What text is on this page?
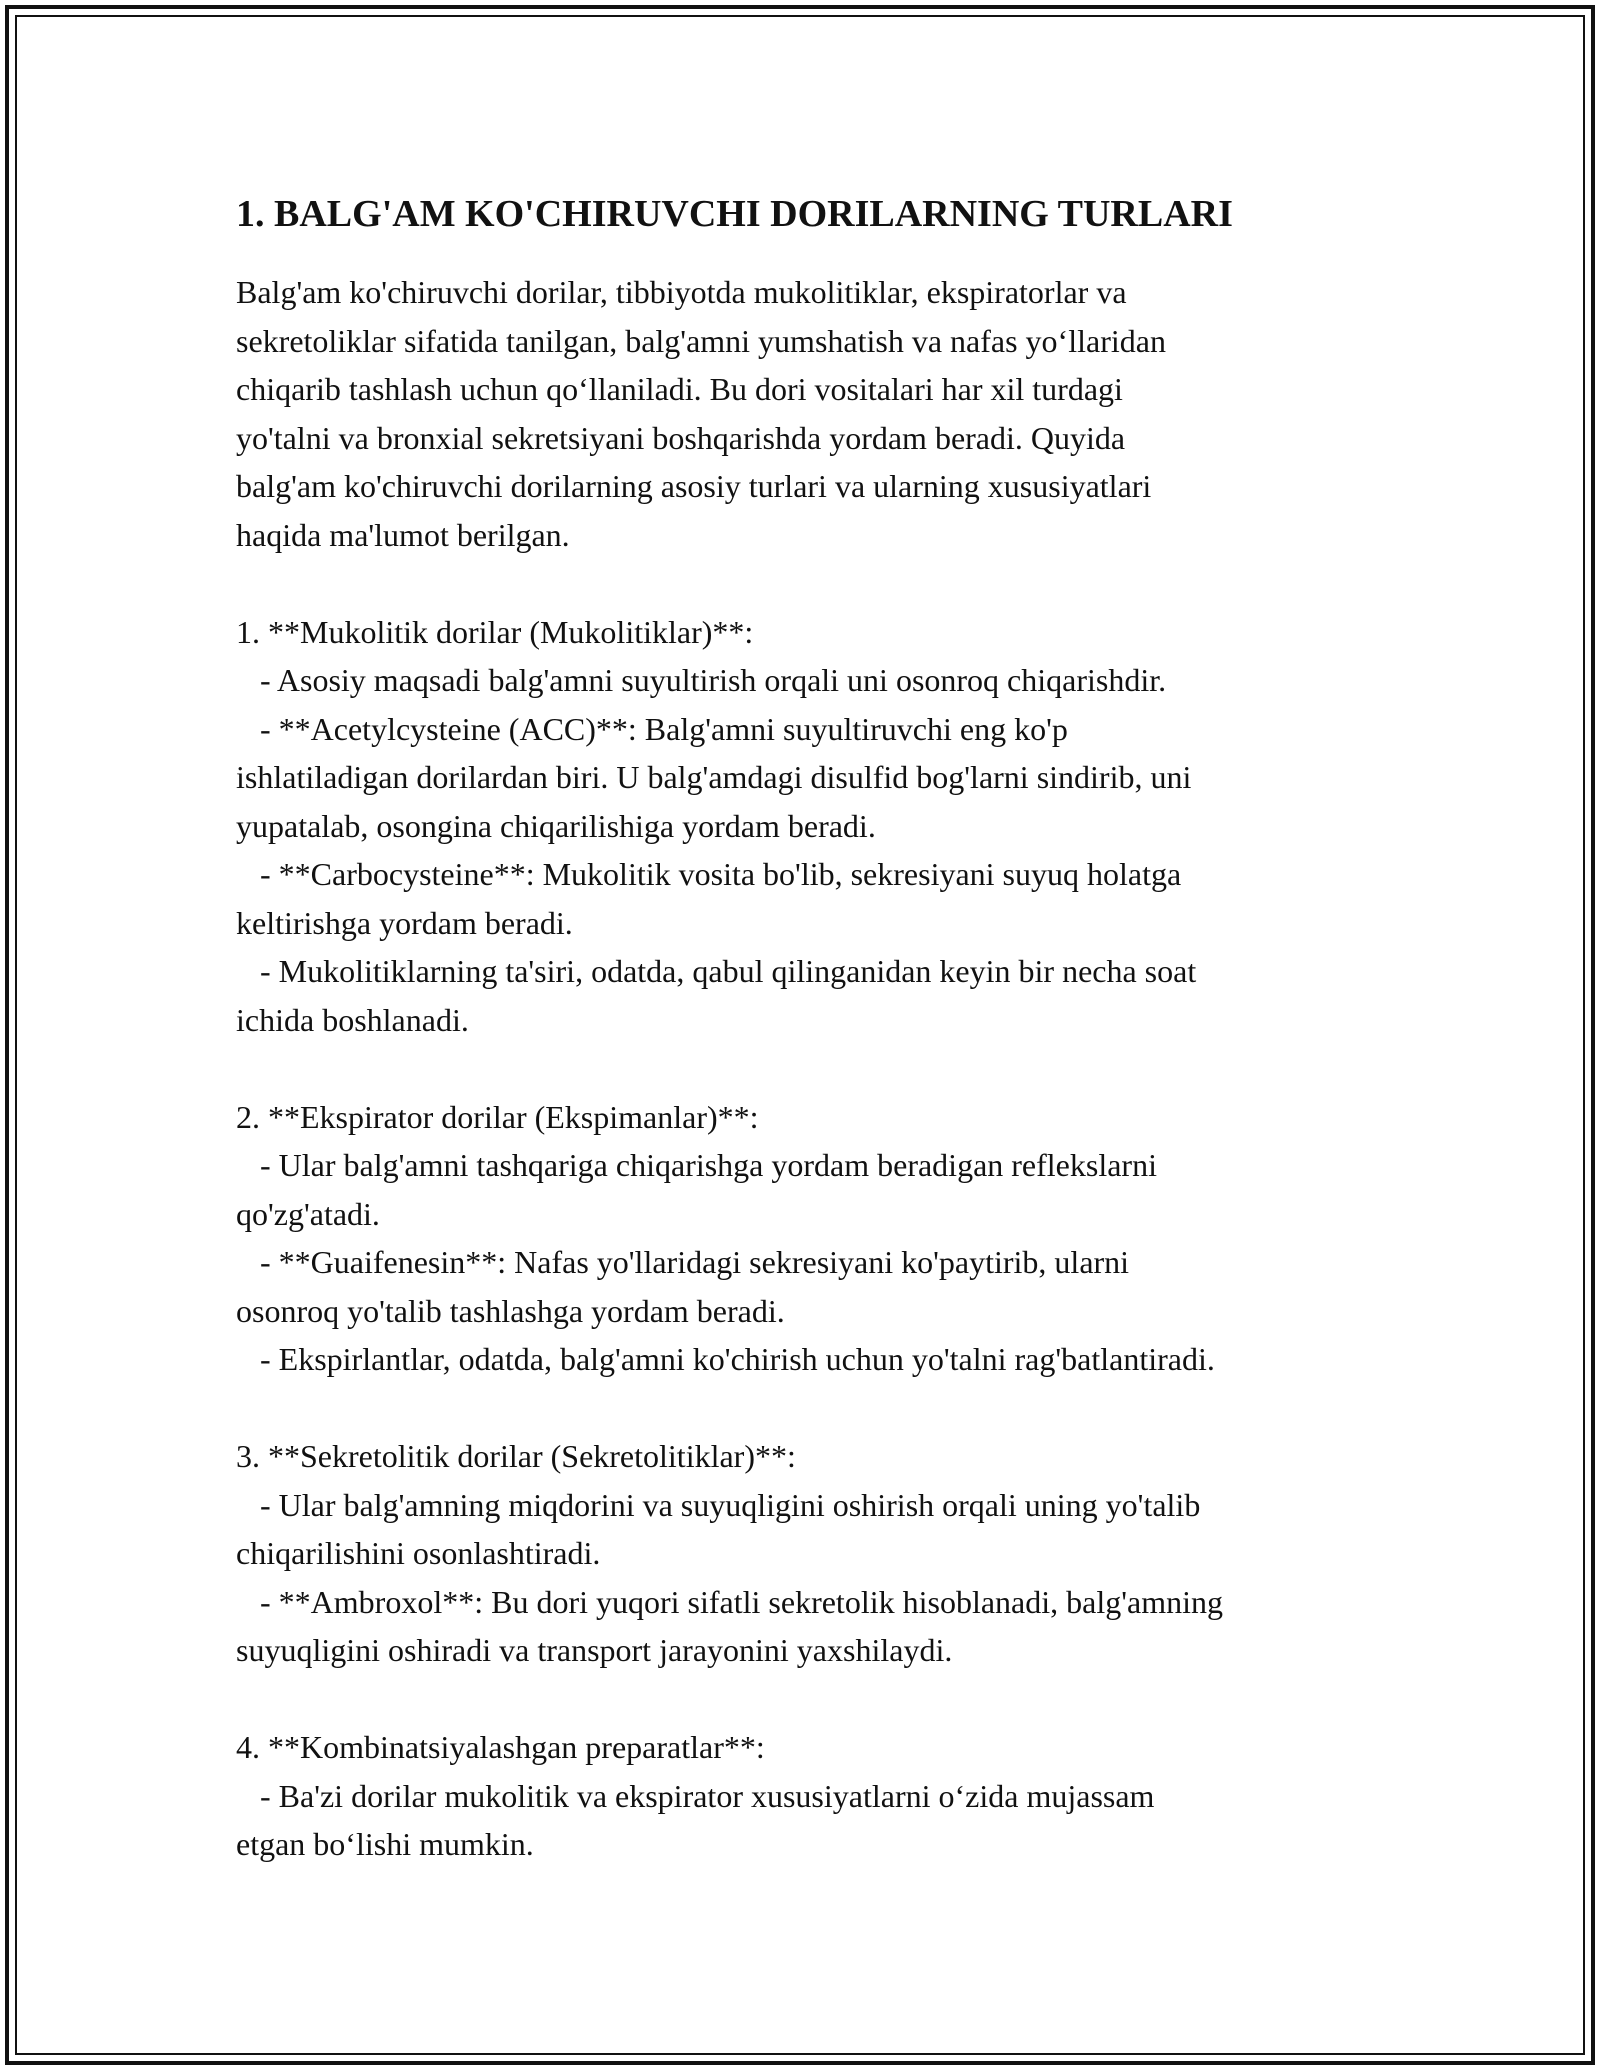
1. BALG'AM KO'CHIRUVCHI DORILARNING TURLARI
Balg'am ko'chiruvchi dorilar, tibbiyotda mukolitiklar, ekspiratorlar va
sekretoliklar sifatida tanilgan, balg'amni yumshatish va nafas yo‘llaridan
chiqarib tashlash uchun qo‘llaniladi. Bu dori vositalari har xil turdagi
yo'talni va bronxial sekretsiyani boshqarishda yordam beradi. Quyida
balg'am ko'chiruvchi dorilarning asosiy turlari va ularning xususiyatlari
haqida ma'lumot berilgan.
1. **Mukolitik dorilar (Mukolitiklar)**:
- Asosiy maqsadi balg'amni suyultirish orqali uni osonroq chiqarishdir.
- **Acetylcysteine (ACC)**: Balg'amni suyultiruvchi eng ko'p
ishlatiladigan dorilardan biri. U balg'amdagi disulfid bog'larni sindirib, uni
yupatalab, osongina chiqarilishiga yordam beradi.
- **Carbocysteine**: Mukolitik vosita bo'lib, sekresiyani suyuq holatga
keltirishga yordam beradi.
- Mukolitiklarning ta'siri, odatda, qabul qilinganidan keyin bir necha soat
ichida boshlanadi.
2. **Ekspirator dorilar (Ekspimanlar)**:
- Ular balg'amni tashqariga chiqarishga yordam beradigan reflekslarni
qo'zg'atadi.
- **Guaifenesin**: Nafas yo'llaridagi sekresiyani ko'paytirib, ularni
osonroq yo'talib tashlashga yordam beradi.
- Ekspirlantlar, odatda, balg'amni ko'chirish uchun yo'talni rag'batlantiradi.
3. **Sekretolitik dorilar (Sekretolitiklar)**:
- Ular balg'amning miqdorini va suyuqligini oshirish orqali uning yo'talib
chiqarilishini osonlashtiradi.
- **Ambroxol**: Bu dori yuqori sifatli sekretolik hisoblanadi, balg'amning
suyuqligini oshiradi va transport jarayonini yaxshilaydi.
4. **Kombinatsiyalashgan preparatlar**:
- Ba'zi dorilar mukolitik va ekspirator xususiyatlarni o‘zida mujassam
etgan bo‘lishi mumkin.
